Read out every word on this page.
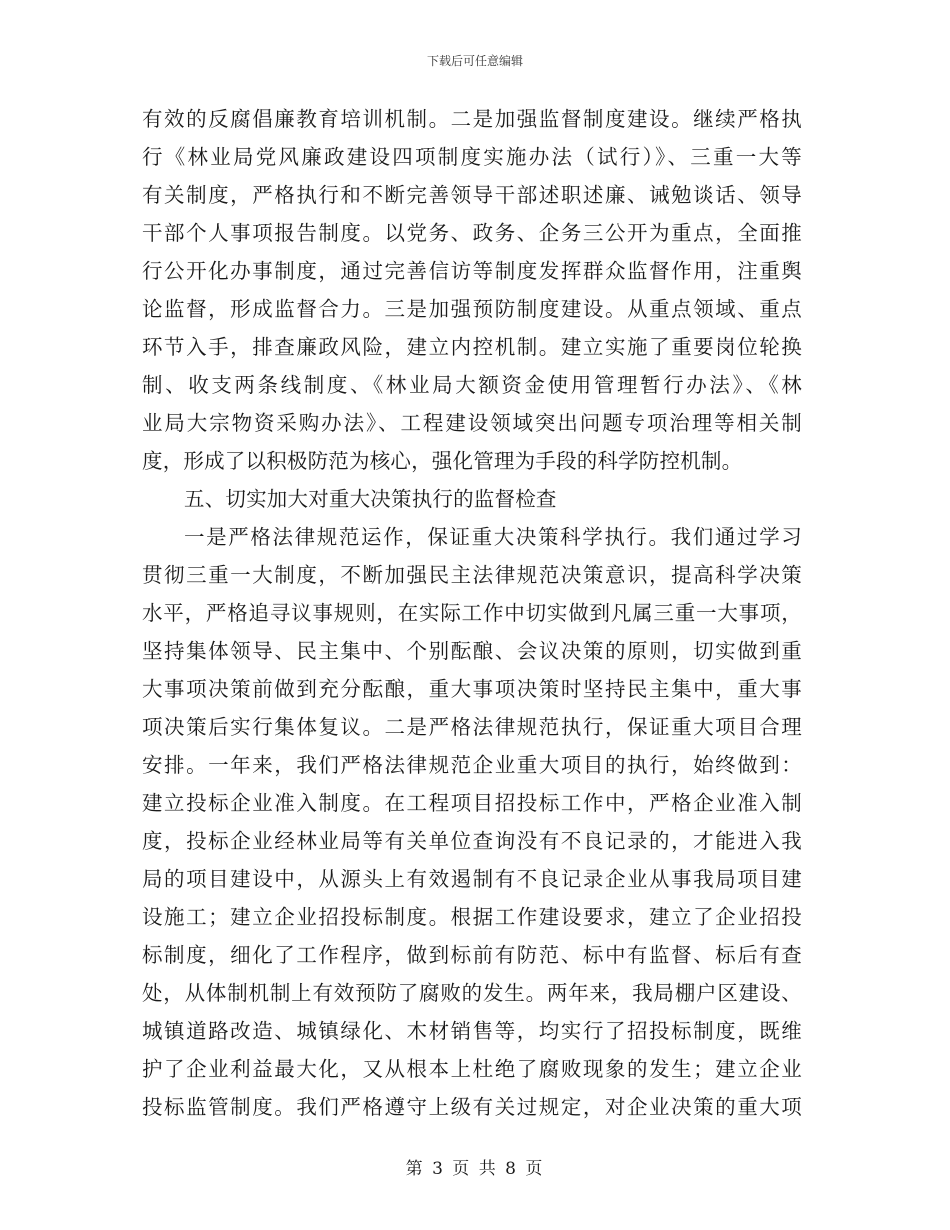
下载后可任意编辑
有效的反腐倡廉教育培训机制。二是加强监督制度建设。继续严格执
行《林业局党风廉政建设四项制度实施办法（试行）》、三重一大等
有关制度，严格执行和不断完善领导干部述职述廉、诫勉谈话、领导
干部个人事项报告制度。以党务、政务、企务三公开为重点，全面推
行公开化办事制度，通过完善信访等制度发挥群众监督作用，注重舆
论监督，形成监督合力。三是加强预防制度建设。从重点领域、重点
环节入手，排查廉政风险，建立内控机制。建立实施了重要岗位轮换
制、收支两条线制度、《林业局大额资金使用管理暂行办法》、《林
业局大宗物资采购办法》、工程建设领域突出问题专项治理等相关制
度，形成了以积极防范为核心，强化管理为手段的科学防控机制。
五、切实加大对重大决策执行的监督检查
一是严格法律规范运作，保证重大决策科学执行。我们通过学习
贯彻三重一大制度，不断加强民主法律规范决策意识，提高科学决策
水平，严格追寻议事规则，在实际工作中切实做到凡属三重一大事项，
坚持集体领导、民主集中、个别酝酿、会议决策的原则，切实做到重
大事项决策前做到充分酝酿，重大事项决策时坚持民主集中，重大事
项决策后实行集体复议。二是严格法律规范执行，保证重大项目合理
安排。一年来，我们严格法律规范企业重大项目的执行，始终做到：
建立投标企业准入制度。在工程项目招投标工作中，严格企业准入制
度，投标企业经林业局等有关单位查询没有不良记录的，才能进入我
局的项目建设中，从源头上有效遏制有不良记录企业从事我局项目建
设施工；建立企业招投标制度。根据工作建设要求，建立了企业招投
标制度，细化了工作程序，做到标前有防范、标中有监督、标后有查
处，从体制机制上有效预防了腐败的发生。两年来，我局棚户区建设、
城镇道路改造、城镇绿化、木材销售等，均实行了招投标制度，既维
护了企业利益最大化，又从根本上杜绝了腐败现象的发生；建立企业
投标监管制度。我们严格遵守上级有关过规定，对企业决策的重大项
第 3 页 共 8 页
